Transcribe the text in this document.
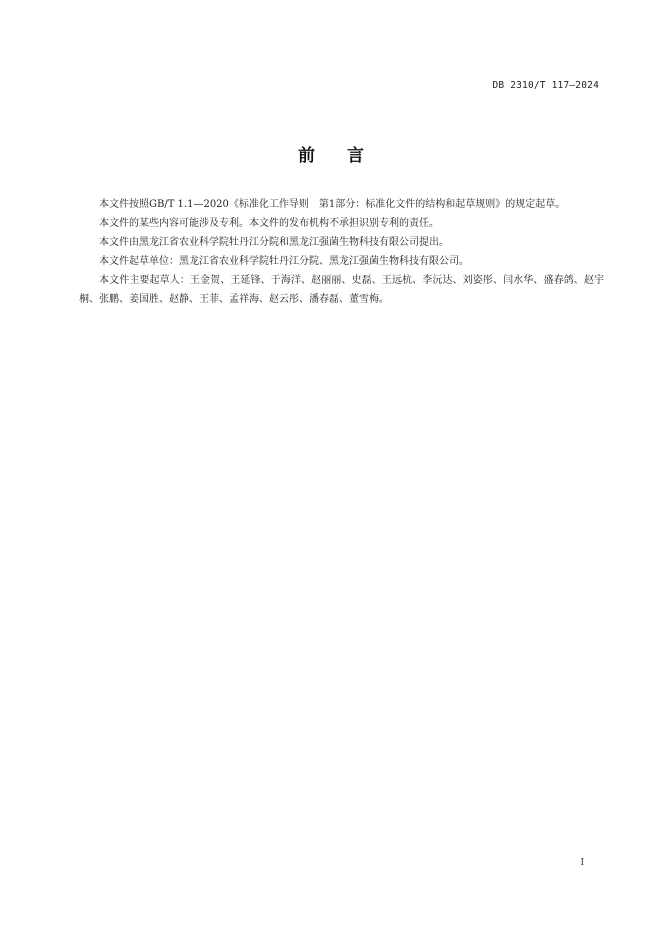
DB 2310/T 117—2024
前 言

本文件按照GB/T 1.1—2020《标准化工作导则　第1部分：标准化文件的结构和起草规则》的规定起草。

本文件的某些内容可能涉及专利。本文件的发布机构不承担识别专利的责任。

本文件由黑龙江省农业科学院牡丹江分院和黑龙江强菌生物科技有限公司提出。

本文件起草单位：黑龙江省农业科学院牡丹江分院、黑龙江强菌生物科技有限公司。

本文件主要起草人：王金贺、王延锋、于海洋、赵丽丽、史磊、王远杭、李沅达、刘姿彤、闫水华、盛春鸽、赵宇桐、张鹏、姜国胜、赵静、王菲、孟祥海、赵云彤、潘春磊、董雪梅。

I
